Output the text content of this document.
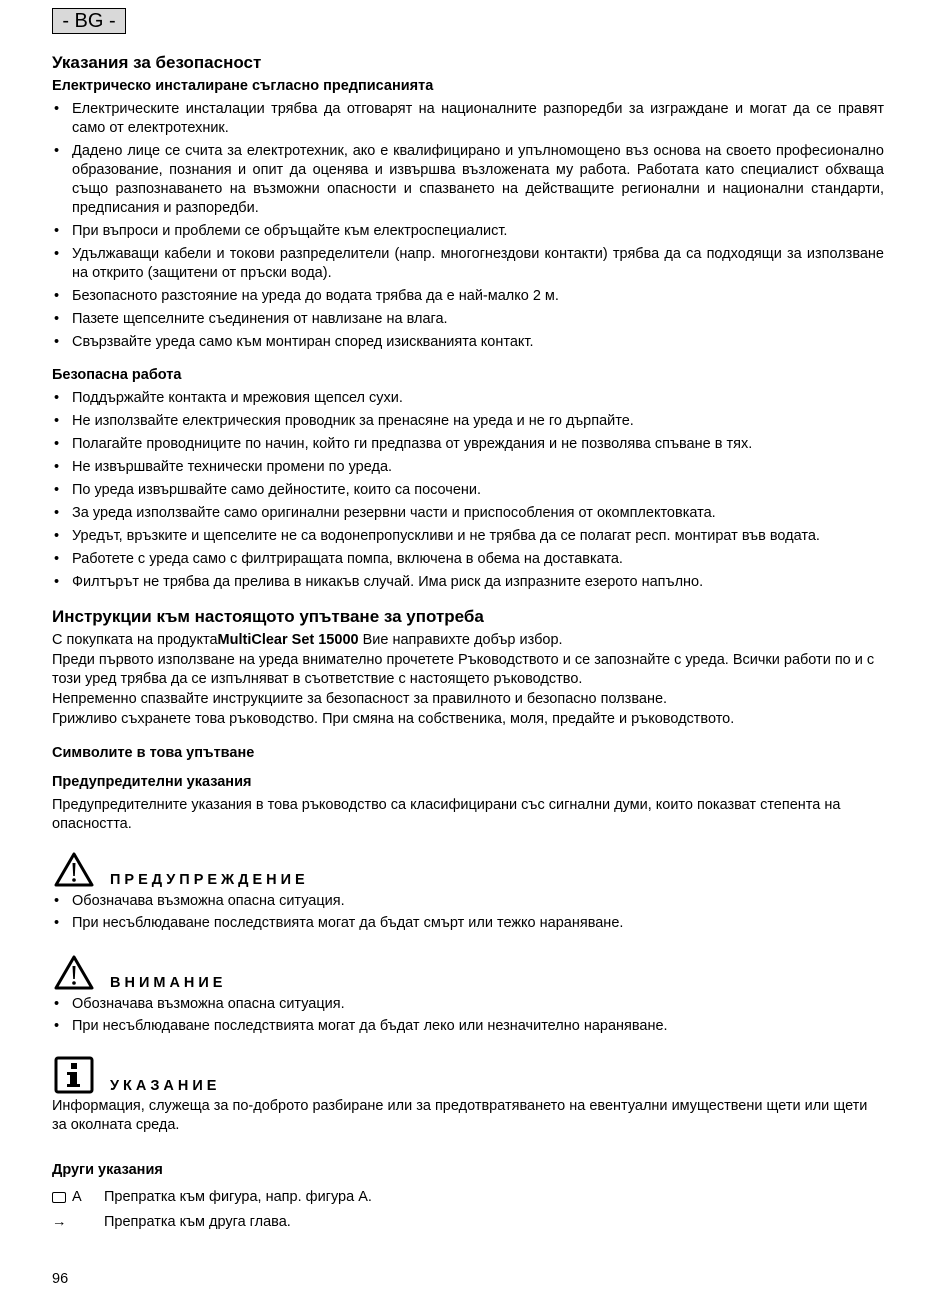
- BG -
Указания за безопасност
Електрическо инсталиране съгласно предписанията
• Електрическите инсталации трябва да отговарят на националните разпоредби за изграждане и могат да се правят само от електротехник.
• Дадено лице се счита за електротехник, ако е квалифицирано и упълномощено въз основа на своето професионално образование, познания и опит да оценява и извършва възложената му работа. Работата като специалист обхваща също разпознаването на възможни опасности и спазването на действащите регионални и национални стандарти, предписания и разпоредби.
• При въпроси и проблеми се обръщайте към електроспециалист.
• Удължаващи кабели и токови разпределители (напр. многогнездови контакти) трябва да са подходящи за използване на открито (защитени от пръски вода).
• Безопасното разстояние на уреда до водата трябва да е най-малко 2 м.
• Пазете щепселните съединения от навлизане на влага.
• Свързвайте уреда само към монтиран според изискванията контакт.
Безопасна работа
• Поддържайте контакта и мрежовия щепсел сухи.
• Не използвайте електрическия проводник за пренасяне на уреда и не го дърпайте.
• Полагайте проводниците по начин, който ги предпазва от увреждания и не позволява спъване в тях.
• Не извършвайте технически промени по уреда.
• По уреда извършвайте само дейностите, които са посочени.
• За уреда използвайте само оригинални резервни части и приспособления от окомплектовката.
• Уредът, връзките и щепселите не са водонепропускливи и не трябва да се полагат респ. монтират във водата.
• Работете с уреда само с филтриращата помпа, включена в обема на доставката.
• Филтърът не трябва да прелива в никакъв случай. Има риск да изпразните езерото напълно.
Инструкции към настоящото упътване за употреба

С покупката на продуктаMultiClear Set 15000 Вие направихте добър избор.

Преди първото използване на уреда внимателно прочетете Ръководството и се запознайте с уреда. Всички работи по и с този уред трябва да се изпълняват в съответствие с настоящето ръководство.

Непременно спазвайте инструкциите за безопасност за правилното и безопасно ползване.

Грижливо съхранете това ръководство. При смяна на собственика, моля, предайте и ръководството.

Символите в това упътване
Предупредителни указания

Предупредителните указания в това ръководство са класифицирани със сигнални думи, които показват степента на опасността.

ПРЕДУПРЕЖДЕНИЕ
• Обозначава възможна опасна ситуация.
• При несъблюдаване последствията могат да бъдат смърт или тежко нараняване.
ВНИМАНИЕ
• Обозначава възможна опасна ситуация.
• При несъблюдаване последствията могат да бъдат леко или незначително нараняване.
УКАЗАНИЕ

Информация, служеща за по-доброто разбиране или за предотвратяването на евентуални имуществени щети или щети за околната среда.

Други указания
A Препратка към фигура, напр. фигура А.
→	Препратка към друга глава.
96
